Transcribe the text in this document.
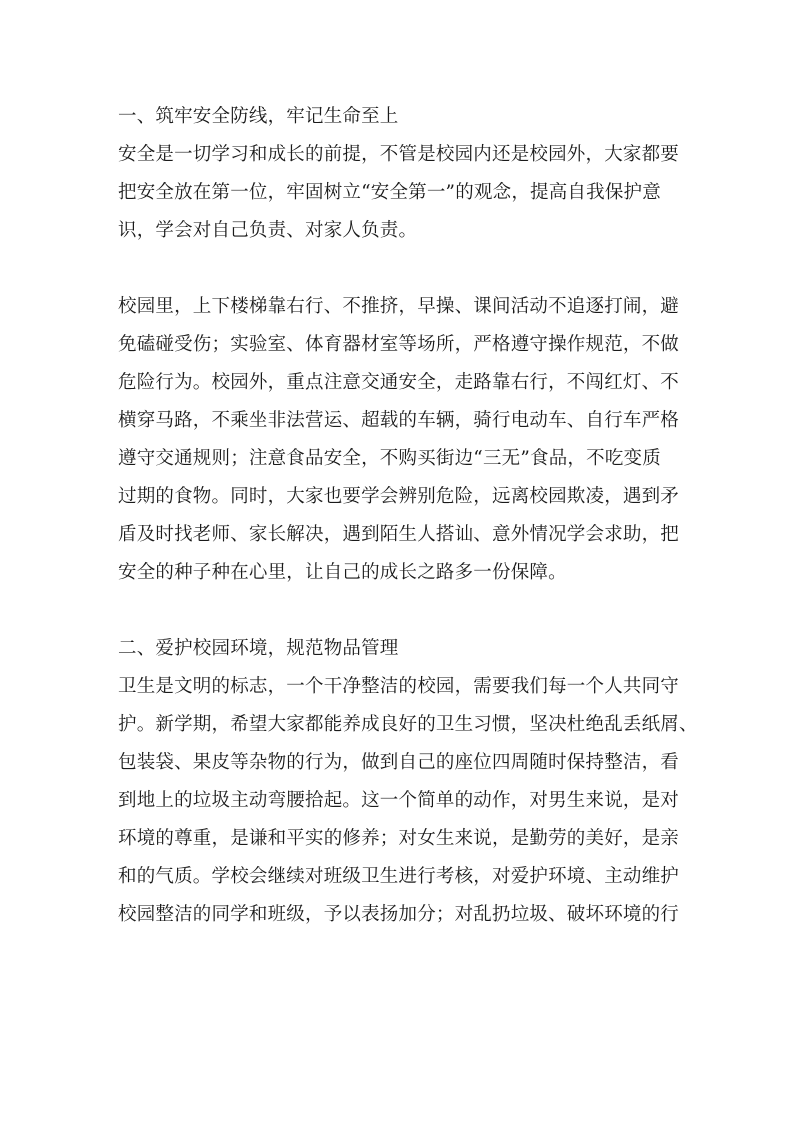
一、筑牢安全防线，牢记生命至上
安全是一切学习和成长的前提，不管是校园内还是校园外，大家都要
把安全放在第一位，牢固树立“安全第一”的观念，提高自我保护意
识，学会对自己负责、对家人负责。
校园里，上下楼梯靠右行、不推挤，早操、课间活动不追逐打闹，避
免磕碰受伤；实验室、体育器材室等场所，严格遵守操作规范，不做
危险行为。校园外，重点注意交通安全，走路靠右行，不闯红灯、不
横穿马路，不乘坐非法营运、超载的车辆，骑行电动车、自行车严格
遵守交通规则；注意食品安全，不购买街边“三无”食品，不吃变质
过期的食物。同时，大家也要学会辨别危险，远离校园欺凌，遇到矛
盾及时找老师、家长解决，遇到陌生人搭讪、意外情况学会求助，把
安全的种子种在心里，让自己的成长之路多一份保障。
二、爱护校园环境，规范物品管理
卫生是文明的标志，一个干净整洁的校园，需要我们每一个人共同守
护。新学期，希望大家都能养成良好的卫生习惯，坚决杜绝乱丢纸屑、
包装袋、果皮等杂物的行为，做到自己的座位四周随时保持整洁，看
到地上的垃圾主动弯腰拾起。这一个简单的动作，对男生来说，是对
环境的尊重，是谦和平实的修养；对女生来说，是勤劳的美好，是亲
和的气质。学校会继续对班级卫生进行考核，对爱护环境、主动维护
校园整洁的同学和班级，予以表扬加分；对乱扔垃圾、破坏环境的行
